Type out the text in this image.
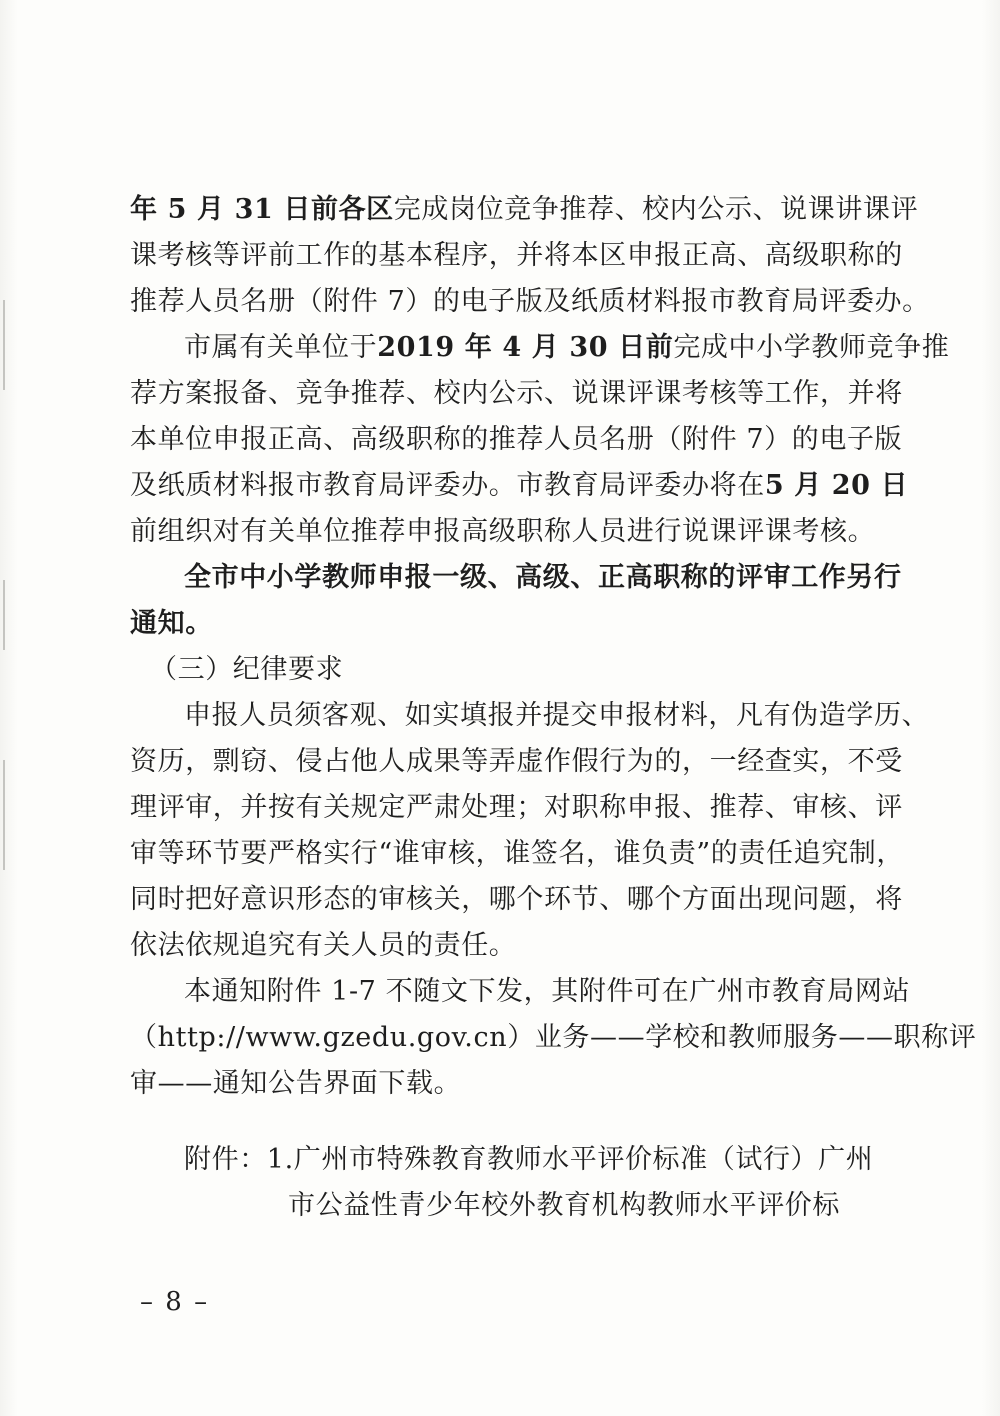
年 5 月 31 日前各区完成岗位竞争推荐、校内公示、说课讲课评
课考核等评前工作的基本程序，并将本区申报正高、高级职称的
推荐人员名册（附件 7）的电子版及纸质材料报市教育局评委办。
市属有关单位于2019 年 4 月 30 日前完成中小学教师竞争推
荐方案报备、竞争推荐、校内公示、说课评课考核等工作，并将
本单位申报正高、高级职称的推荐人员名册（附件 7）的电子版
及纸质材料报市教育局评委办。市教育局评委办将在5 月 20 日
前组织对有关单位推荐申报高级职称人员进行说课评课考核。
全市中小学教师申报一级、高级、正高职称的评审工作另行
通知。
（三）纪律要求
申报人员须客观、如实填报并提交申报材料，凡有伪造学历、
资历，剽窃、侵占他人成果等弄虚作假行为的，一经查实，不受
理评审，并按有关规定严肃处理；对职称申报、推荐、审核、评
审等环节要严格实行“谁审核，谁签名，谁负责”的责任追究制，
同时把好意识形态的审核关，哪个环节、哪个方面出现问题，将
依法依规追究有关人员的责任。
本通知附件 1-7 不随文下发，其附件可在广州市教育局网站
（http://www.gzedu.gov.cn）业务——学校和教师服务——职称评
审——通知公告界面下载。
附件：1.广州市特殊教育教师水平评价标准（试行）广州
市公益性青少年校外教育机构教师水平评价标
– 8 –
